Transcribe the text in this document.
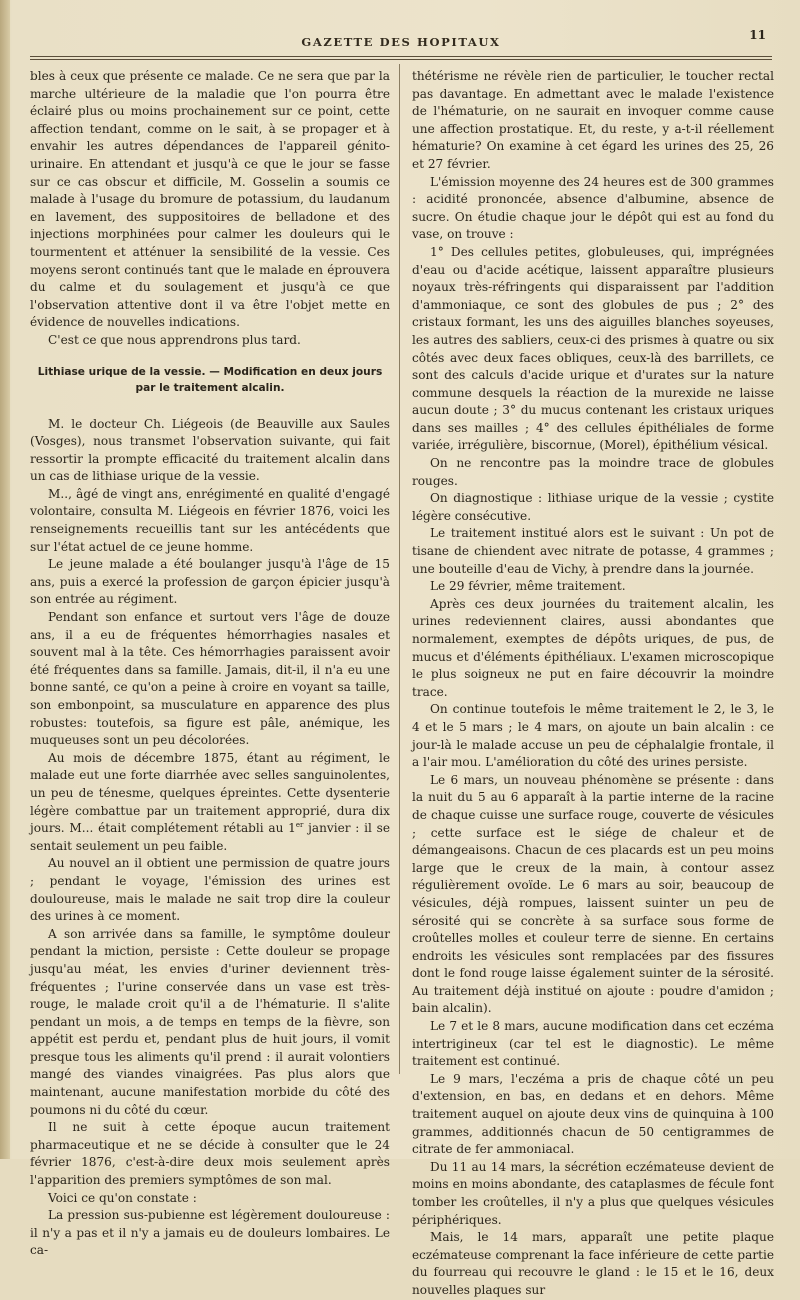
GAZETTE DES HOPITAUX	11

bles à ceux que présente ce malade. Ce ne sera que par la marche ultérieure de la maladie que l'on pourra être éclairé plus ou moins prochainement sur ce point, cette affection tendant, comme on le sait, à se propager et à envahir les autres dépendances de l'appareil génito-urinaire. En attendant et jusqu'à ce que le jour se fasse sur ce cas obscur et difficile, M. Gosselin a soumis ce malade à l'usage du bromure de potassium, du laudanum en lavement, des suppositoires de belladone et des injections morphinées pour calmer les douleurs qui le tourmentent et atténuer la sensibilité de la vessie. Ces moyens seront continués tant que le malade en éprouvera du calme et du soulagement et jusqu'à ce que l'observation attentive dont il va être l'objet mette en évidence de nouvelles indications.

C'est ce que nous apprendrons plus tard.

Lithiase urique de la vessie. — Modification en deux jours
par le traitement alcalin.

M. le docteur Ch. Liégeois (de Beauville aux Saules (Vosges), nous transmet l'observation suivante, qui fait ressortir la prompte efficacité du traitement alcalin dans un cas de lithiase urique de la vessie.

M.., âgé de vingt ans, enrégimenté en qualité d'engagé volontaire, consulta M. Liégeois en février 1876, voici les renseignements recueillis tant sur les antécédents que sur l'état actuel de ce jeune homme.

Le jeune malade a été boulanger jusqu'à l'âge de 15 ans, puis a exercé la profession de garçon épicier jusqu'à son entrée au régiment.

Pendant son enfance et surtout vers l'âge de douze ans, il a eu de fréquentes hémorrhagies nasales et souvent mal à la tête. Ces hémorrhagies paraissent avoir été fréquentes dans sa famille. Jamais, dit-il, il n'a eu une bonne santé, ce qu'on a peine à croire en voyant sa taille, son embonpoint, sa musculature en apparence des plus robustes: toutefois, sa figure est pâle, anémique, les muqueuses sont un peu décolorées.

Au mois de décembre 1875, étant au régiment, le malade eut une forte diarrhée avec selles sanguinolentes, un peu de ténesme, quelques épreintes. Cette dysenterie légère combattue par un traitement approprié, dura dix jours. M... était complétement rétabli au 1er janvier : il se sentait seulement un peu faible.

Au nouvel an il obtient une permission de quatre jours ; pendant le voyage, l'émission des urines est douloureuse, mais le malade ne sait trop dire la couleur des urines à ce moment.

A son arrivée dans sa famille, le symptôme douleur pendant la miction, persiste : Cette douleur se propage jusqu'au méat, les envies d'uriner deviennent très-fréquentes ; l'urine conservée dans un vase est très-rouge, le malade croit qu'il a de l'hématurie. Il s'alite pendant un mois, a de temps en temps de la fièvre, son appétit est perdu et, pendant plus de huit jours, il vomit presque tous les aliments qu'il prend : il aurait volontiers mangé des viandes vinaigrées. Pas plus alors que maintenant, aucune manifestation morbide du côté des poumons ni du côté du cœur.

Il ne suit à cette époque aucun traitement pharmaceutique et ne se décide à consulter que le 24 février 1876, c'est-à-dire deux mois seulement après l'apparition des premiers symptômes de son mal.

Voici ce qu'on constate :

La pression sus-pubienne est légèrement douloureuse : il n'y a pas et il n'y a jamais eu de douleurs lombaires. Le ca-

thétérisme ne révèle rien de particulier, le toucher rectal pas davantage. En admettant avec le malade l'existence de l'hématurie, on ne saurait en invoquer comme cause une affection prostatique. Et, du reste, y a-t-il réellement hématurie? On examine à cet égard les urines des 25, 26 et 27 février.

L'émission moyenne des 24 heures est de 300 grammes : acidité prononcée, absence d'albumine, absence de sucre. On étudie chaque jour le dépôt qui est au fond du vase, on trouve :

1° Des cellules petites, globuleuses, qui, imprégnées d'eau ou d'acide acétique, laissent apparaître plusieurs noyaux très-réfringents qui disparaissent par l'addition d'ammoniaque, ce sont des globules de pus ; 2° des cristaux formant, les uns des aiguilles blanches soyeuses, les autres des sabliers, ceux-ci des prismes à quatre ou six côtés avec deux faces obliques, ceux-là des barrillets, ce sont des calculs d'acide urique et d'urates sur la nature commune desquels la réaction de la murexide ne laisse aucun doute ; 3° du mucus contenant les cristaux uriques dans ses mailles ; 4° des cellules épithéliales de forme variée, irrégulière, biscornue, (Morel), épithélium vésical.

On ne rencontre pas la moindre trace de globules rouges.

On diagnostique : lithiase urique de la vessie ; cystite légère consécutive.

Le traitement institué alors est le suivant : Un pot de tisane de chiendent avec nitrate de potasse, 4 grammes ; une bouteille d'eau de Vichy, à prendre dans la journée.

Le 29 février, même traitement.

Après ces deux journées du traitement alcalin, les urines redeviennent claires, aussi abondantes que normalement, exemptes de dépôts uriques, de pus, de mucus et d'éléments épithéliaux. L'examen microscopique le plus soigneux ne put en faire découvrir la moindre trace.

On continue toutefois le même traitement le 2, le 3, le 4 et le 5 mars ; le 4 mars, on ajoute un bain alcalin : ce jour-là le malade accuse un peu de céphalalgie frontale, il a l'air mou. L'amélioration du côté des urines persiste.

Le 6 mars, un nouveau phénomène se présente : dans la nuit du 5 au 6 apparaît à la partie interne de la racine de chaque cuisse une surface rouge, couverte de vésicules ; cette surface est le siége de chaleur et de démangeaisons. Chacun de ces placards est un peu moins large que le creux de la main, à contour assez régulièrement ovoïde. Le 6 mars au soir, beaucoup de vésicules, déjà rompues, laissent suinter un peu de sérosité qui se concrète à sa surface sous forme de croûtelles molles et couleur terre de sienne. En certains endroits les vésicules sont remplacées par des fissures dont le fond rouge laisse également suinter de la sérosité. Au traitement déjà institué on ajoute : poudre d'amidon ; bain alcalin).

Le 7 et le 8 mars, aucune modification dans cet eczéma intertrigineux (car tel est le diagnostic). Le même traitement est continué.

Le 9 mars, l'eczéma a pris de chaque côté un peu d'extension, en bas, en dedans et en dehors. Même traitement auquel on ajoute deux vins de quinquina à 100 grammes, additionnés chacun de 50 centigrammes de citrate de fer ammoniacal.

Du 11 au 14 mars, la sécrétion eczémateuse devient de moins en moins abondante, des cataplasmes de fécule font tomber les croûtelles, il n'y a plus que quelques vésicules périphériques.

Mais, le 14 mars, apparaît une petite plaque eczémateuse comprenant la face inférieure de cette partie du fourreau qui recouvre le gland : le 15 et le 16, deux nouvelles plaques sur
